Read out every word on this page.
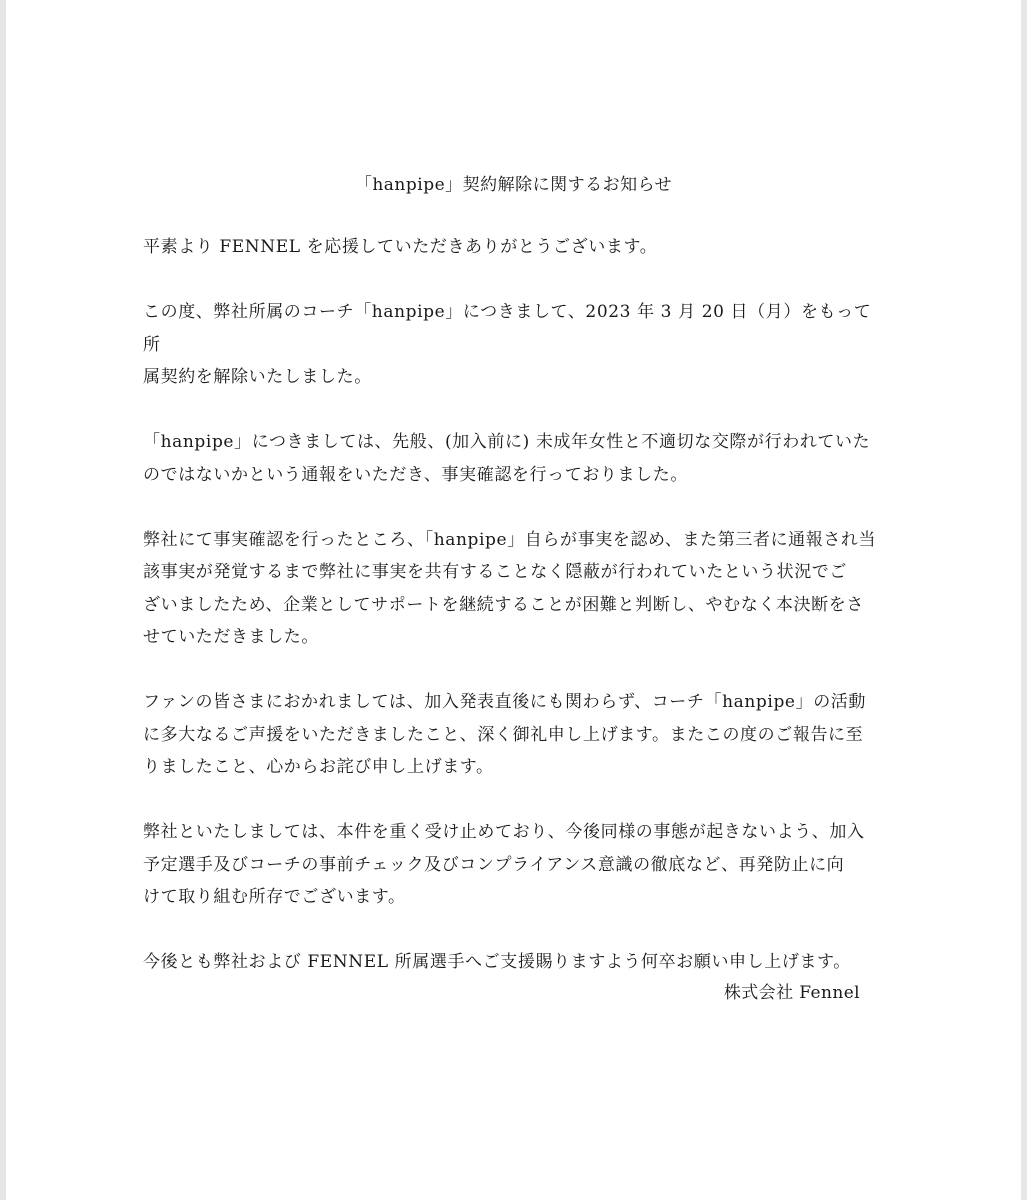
「hanpipe」契約解除に関するお知らせ

平素より FENNEL を応援していただきありがとうございます。

この度、弊社所属のコーチ「hanpipe」につきまして、2023 年 3 月 20 日（月）をもって所
属契約を解除いたしました。

「hanpipe」につきましては、先般、(加入前に) 未成年女性と不適切な交際が行われていた
のではないかという通報をいただき、事実確認を行っておりました。

弊社にて事実確認を行ったところ、「hanpipe」自らが事実を認め、また第三者に通報され当
該事実が発覚するまで弊社に事実を共有することなく隠蔽が行われていたという状況でご
ざいましたため、企業としてサポートを継続することが困難と判断し、やむなく本決断をさ
せていただきました。

ファンの皆さまにおかれましては、加入発表直後にも関わらず、コーチ「hanpipe」の活動
に多大なるご声援をいただきましたこと、深く御礼申し上げます。またこの度のご報告に至
りましたこと、心からお詫び申し上げます。

弊社といたしましては、本件を重く受け止めており、今後同様の事態が起きないよう、加入
予定選手及びコーチの事前チェック及びコンプライアンス意識の徹底など、再発防止に向
けて取り組む所存でございます。

今後とも弊社および FENNEL 所属選手へご支援賜りますよう何卒お願い申し上げます。

株式会社 Fennel
